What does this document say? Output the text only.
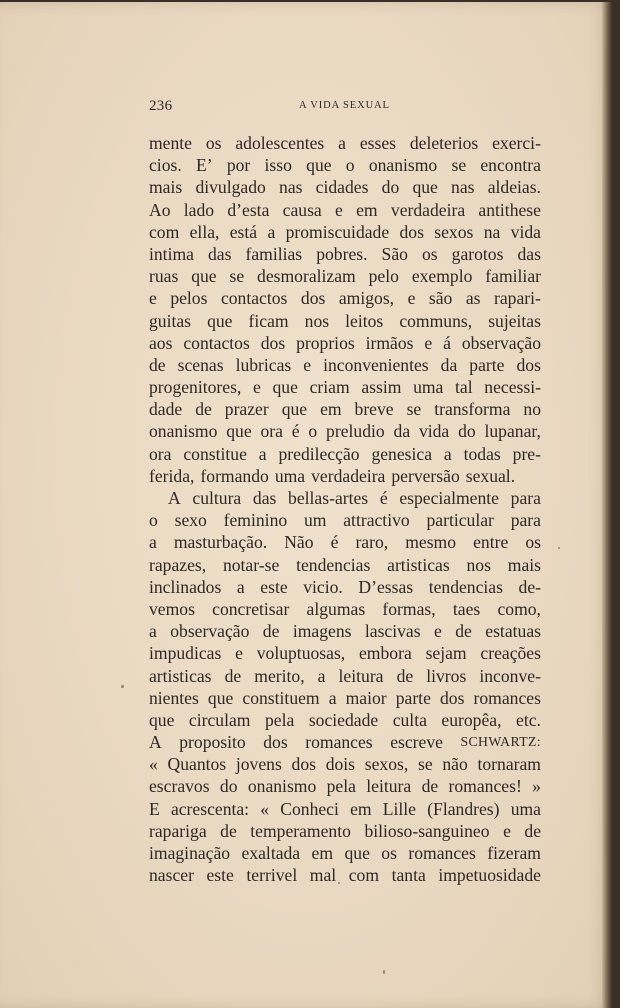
236	A VIDA SEXUAL
mente os adolescentes a esses deleterios exerci-
cios. E’ por isso que o onanismo se encontra
mais divulgado nas cidades do que nas aldeias.
Ao lado d’esta causa e em verdadeira antithese
com ella, está a promiscuidade dos sexos na vida
intima das familias pobres. São os garotos das
ruas que se desmoralizam pelo exemplo familiar
e pelos contactos dos amigos, e são as rapari-
guitas que ficam nos leitos communs, sujeitas
aos contactos dos proprios irmãos e á observação
de scenas lubricas e inconvenientes da parte dos
progenitores, e que criam assim uma tal necessi-
dade de prazer que em breve se transforma no
onanismo que ora é o preludio da vida do lupanar,
ora constitue a predilecção genesica a todas pre-
ferida, formando uma verdadeira perversão sexual.
A cultura das bellas-artes é especialmente para
o sexo feminino um attractivo particular para
a masturbação. Não é raro, mesmo entre os
rapazes, notar-se tendencias artisticas nos mais
inclinados a este vicio. D’essas tendencias de-
vemos concretisar algumas formas, taes como,
a observação de imagens lascivas e de estatuas
impudicas e voluptuosas, embora sejam creações
artisticas de merito, a leitura de livros inconve-
nientes que constituem a maior parte dos romances
que circulam pela sociedade culta europêa, etc.
A proposito dos romances escreve SCHWARTZ:
« Quantos jovens dos dois sexos, se não tornaram
escravos do onanismo pela leitura de romances! »
E acrescenta: « Conheci em Lille (Flandres) uma
rapariga de temperamento bilioso-sanguineo e de
imaginação exaltada em que os romances fizeram
nascer este terrivel mal com tanta impetuosidade
